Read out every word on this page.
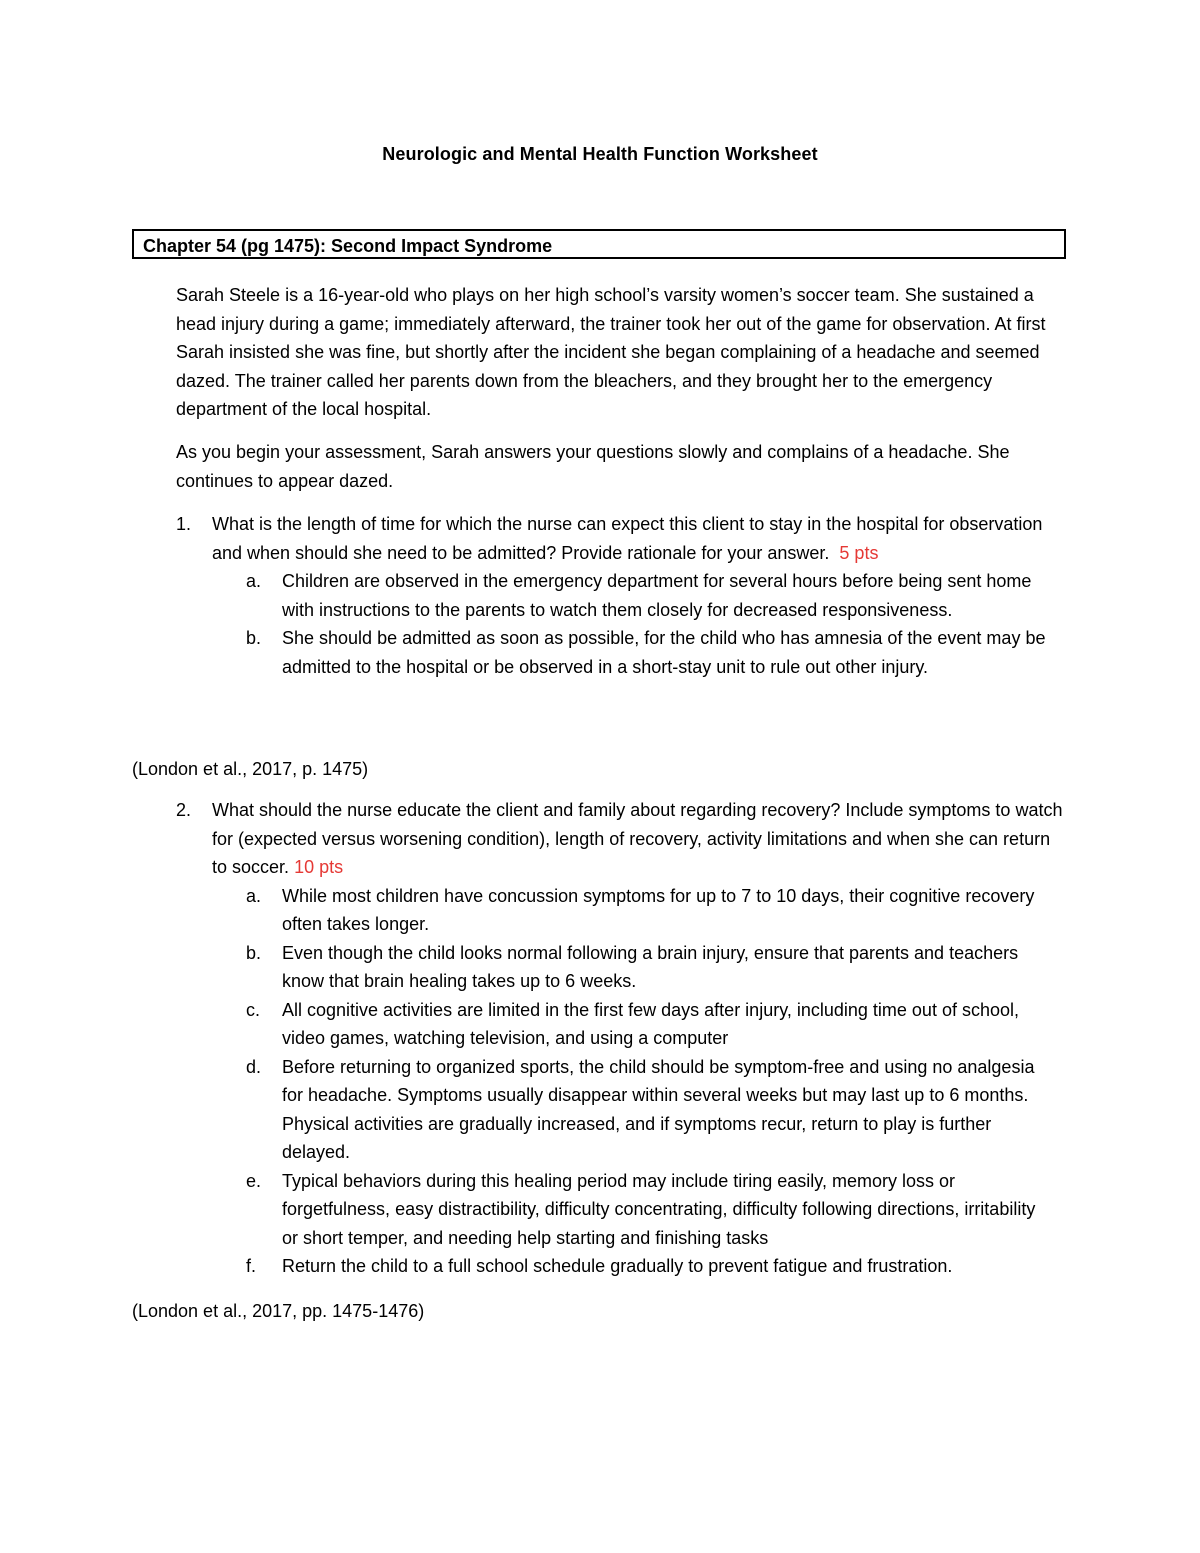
Neurologic and Mental Health Function Worksheet
Chapter 54 (pg 1475): Second Impact Syndrome

Sarah Steele is a 16-year-old who plays on her high school’s varsity women’s soccer team. She sustained a head injury during a game; immediately afterward, the trainer took her out of the game for observation. At first Sarah insisted she was fine, but shortly after the incident she began complaining of a headache and seemed dazed. The trainer called her parents down from the bleachers, and they brought her to the emergency department of the local hospital.

As you begin your assessment, Sarah answers your questions slowly and complains of a headache. She continues to appear dazed.

1.	What is the length of time for which the nurse can expect this client to stay in the hospital for observation and when should she need to be admitted? Provide rationale for your answer. 5 pts
a. Children are observed in the emergency department for several hours before being sent home with instructions to the parents to watch them closely for decreased responsiveness.
b. She should be admitted as soon as possible, for the child who has amnesia of the event may be admitted to the hospital or be observed in a short-stay unit to rule out other injury.
(London et al., 2017, p. 1475)
2.	What should the nurse educate the client and family about regarding recovery? Include symptoms to watch for (expected versus worsening condition), length of recovery, activity limitations and when she can return to soccer. 10 pts
a. While most children have concussion symptoms for up to 7 to 10 days, their cognitive recovery often takes longer.
b. Even though the child looks normal following a brain injury, ensure that parents and teachers know that brain healing takes up to 6 weeks.
c. All cognitive activities are limited in the first few days after injury, including time out of school, video games, watching television, and using a computer
d. Before returning to organized sports, the child should be symptom-free and using no analgesia for headache. Symptoms usually disappear within several weeks but may last up to 6 months. Physical activities are gradually increased, and if symptoms recur, return to play is further delayed.
e. Typical behaviors during this healing period may include tiring easily, memory loss or forgetfulness, easy distractibility, difficulty concentrating, difficulty following directions, irritability or short temper, and needing help starting and finishing tasks
f. Return the child to a full school schedule gradually to prevent fatigue and frustration.
(London et al., 2017, pp. 1475-1476)
